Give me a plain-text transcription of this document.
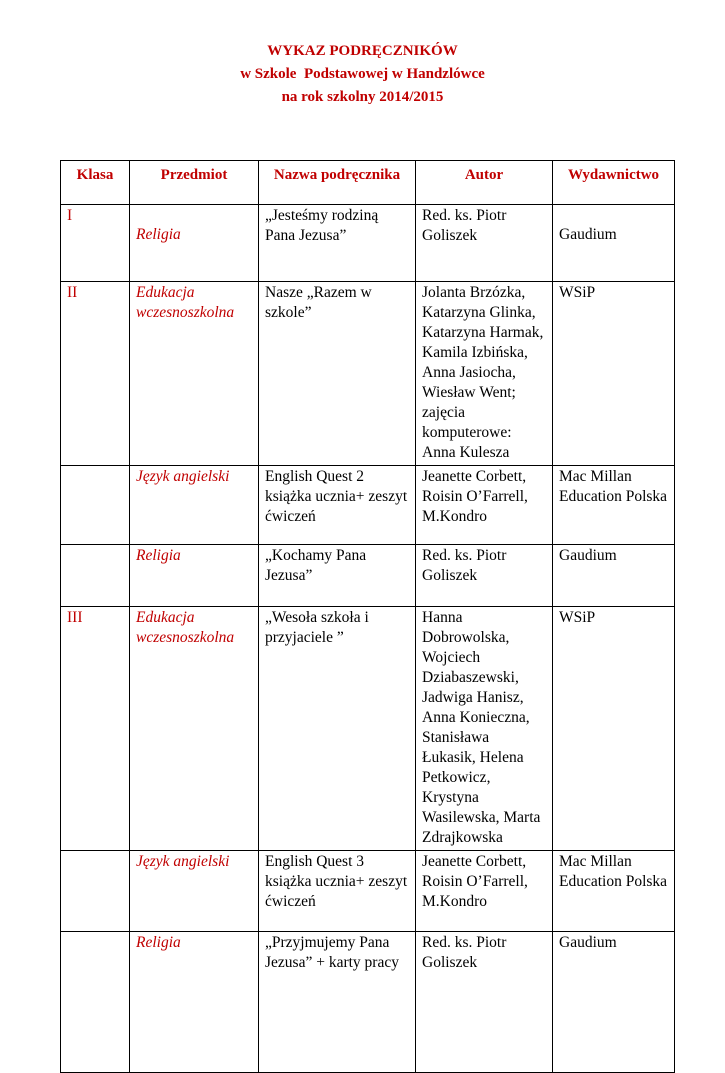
WYKAZ PODRĘCZNIKÓW
w Szkole  Podstawowej w Handzlówce
na rok szkolny 2014/2015
Klasa	Przedmiot	Nazwa podręcznika	Autor	Wydawnictwo
I	Religia	„Jesteśmy rodziną Pana Jezusa”	Red. ks. Piotr Goliszek	Gaudium
II	Edukacja wczesnoszkolna	Nasze „Razem w szkole”	Jolanta Brzózka, Katarzyna Glinka, Katarzyna Harmak, Kamila Izbińska, Anna Jasiocha, Wiesław Went; zajęcia komputerowe: Anna Kulesza	WSiP
	Język angielski	English Quest 2 książka ucznia+ zeszyt ćwiczeń	Jeanette Corbett, Roisin O’Farrell, M.Kondro	Mac Millan Education Polska
	Religia	„Kochamy Pana Jezusa”	Red. ks. Piotr Goliszek	Gaudium
III	Edukacja wczesnoszkolna	„Wesoła szkoła i przyjaciele ”	Hanna Dobrowolska, Wojciech Dziabaszewski, Jadwiga Hanisz, Anna Konieczna, Stanisława Łukasik, Helena Petkowicz, Krystyna Wasilewska, Marta Zdrajkowska	WSiP
	Język angielski	English Quest 3 książka ucznia+ zeszyt ćwiczeń	Jeanette Corbett, Roisin O’Farrell, M.Kondro	Mac Millan Education Polska
	Religia	„Przyjmujemy Pana Jezusa” + karty pracy	Red. ks. Piotr Goliszek	Gaudium
